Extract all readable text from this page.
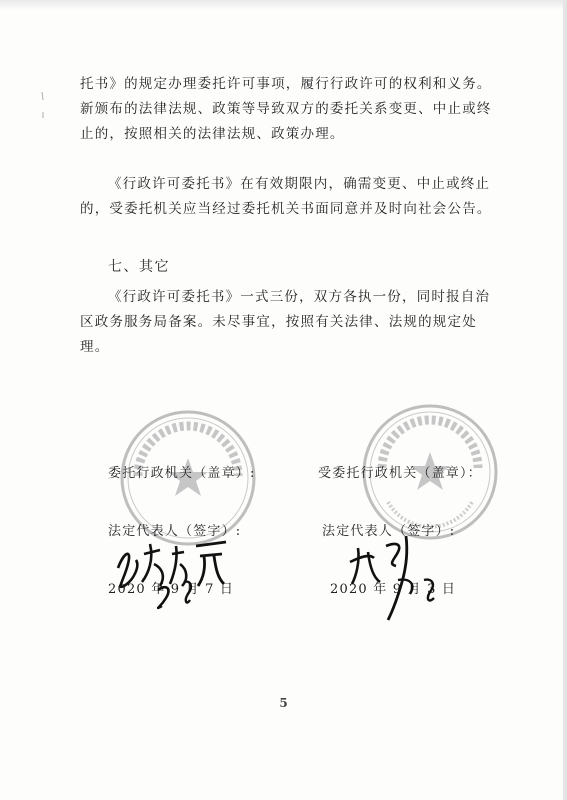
托书》的规定办理委托许可事项，履行行政许可的权利和义务。新颁布的法律法规、政策等导致双方的委托关系变更、中止或终止的，按照相关的法律法规、政策办理。

《行政许可委托书》在有效期限内，确需变更、中止或终止的，受委托机关应当经过委托机关书面同意并及时向社会公告。

七、其它

《行政许可委托书》一式三份，双方各执一份，同时报自治区政务服务局备案。未尽事宜，按照有关法律、法规的规定处理。

委托行政机关（盖章）:	受委托行政机关（盖章）：
法定代表人（签字）:	法定代表人（签字）:
2020 年 9 月 7 日	2020 年 9 月 3 日
5
